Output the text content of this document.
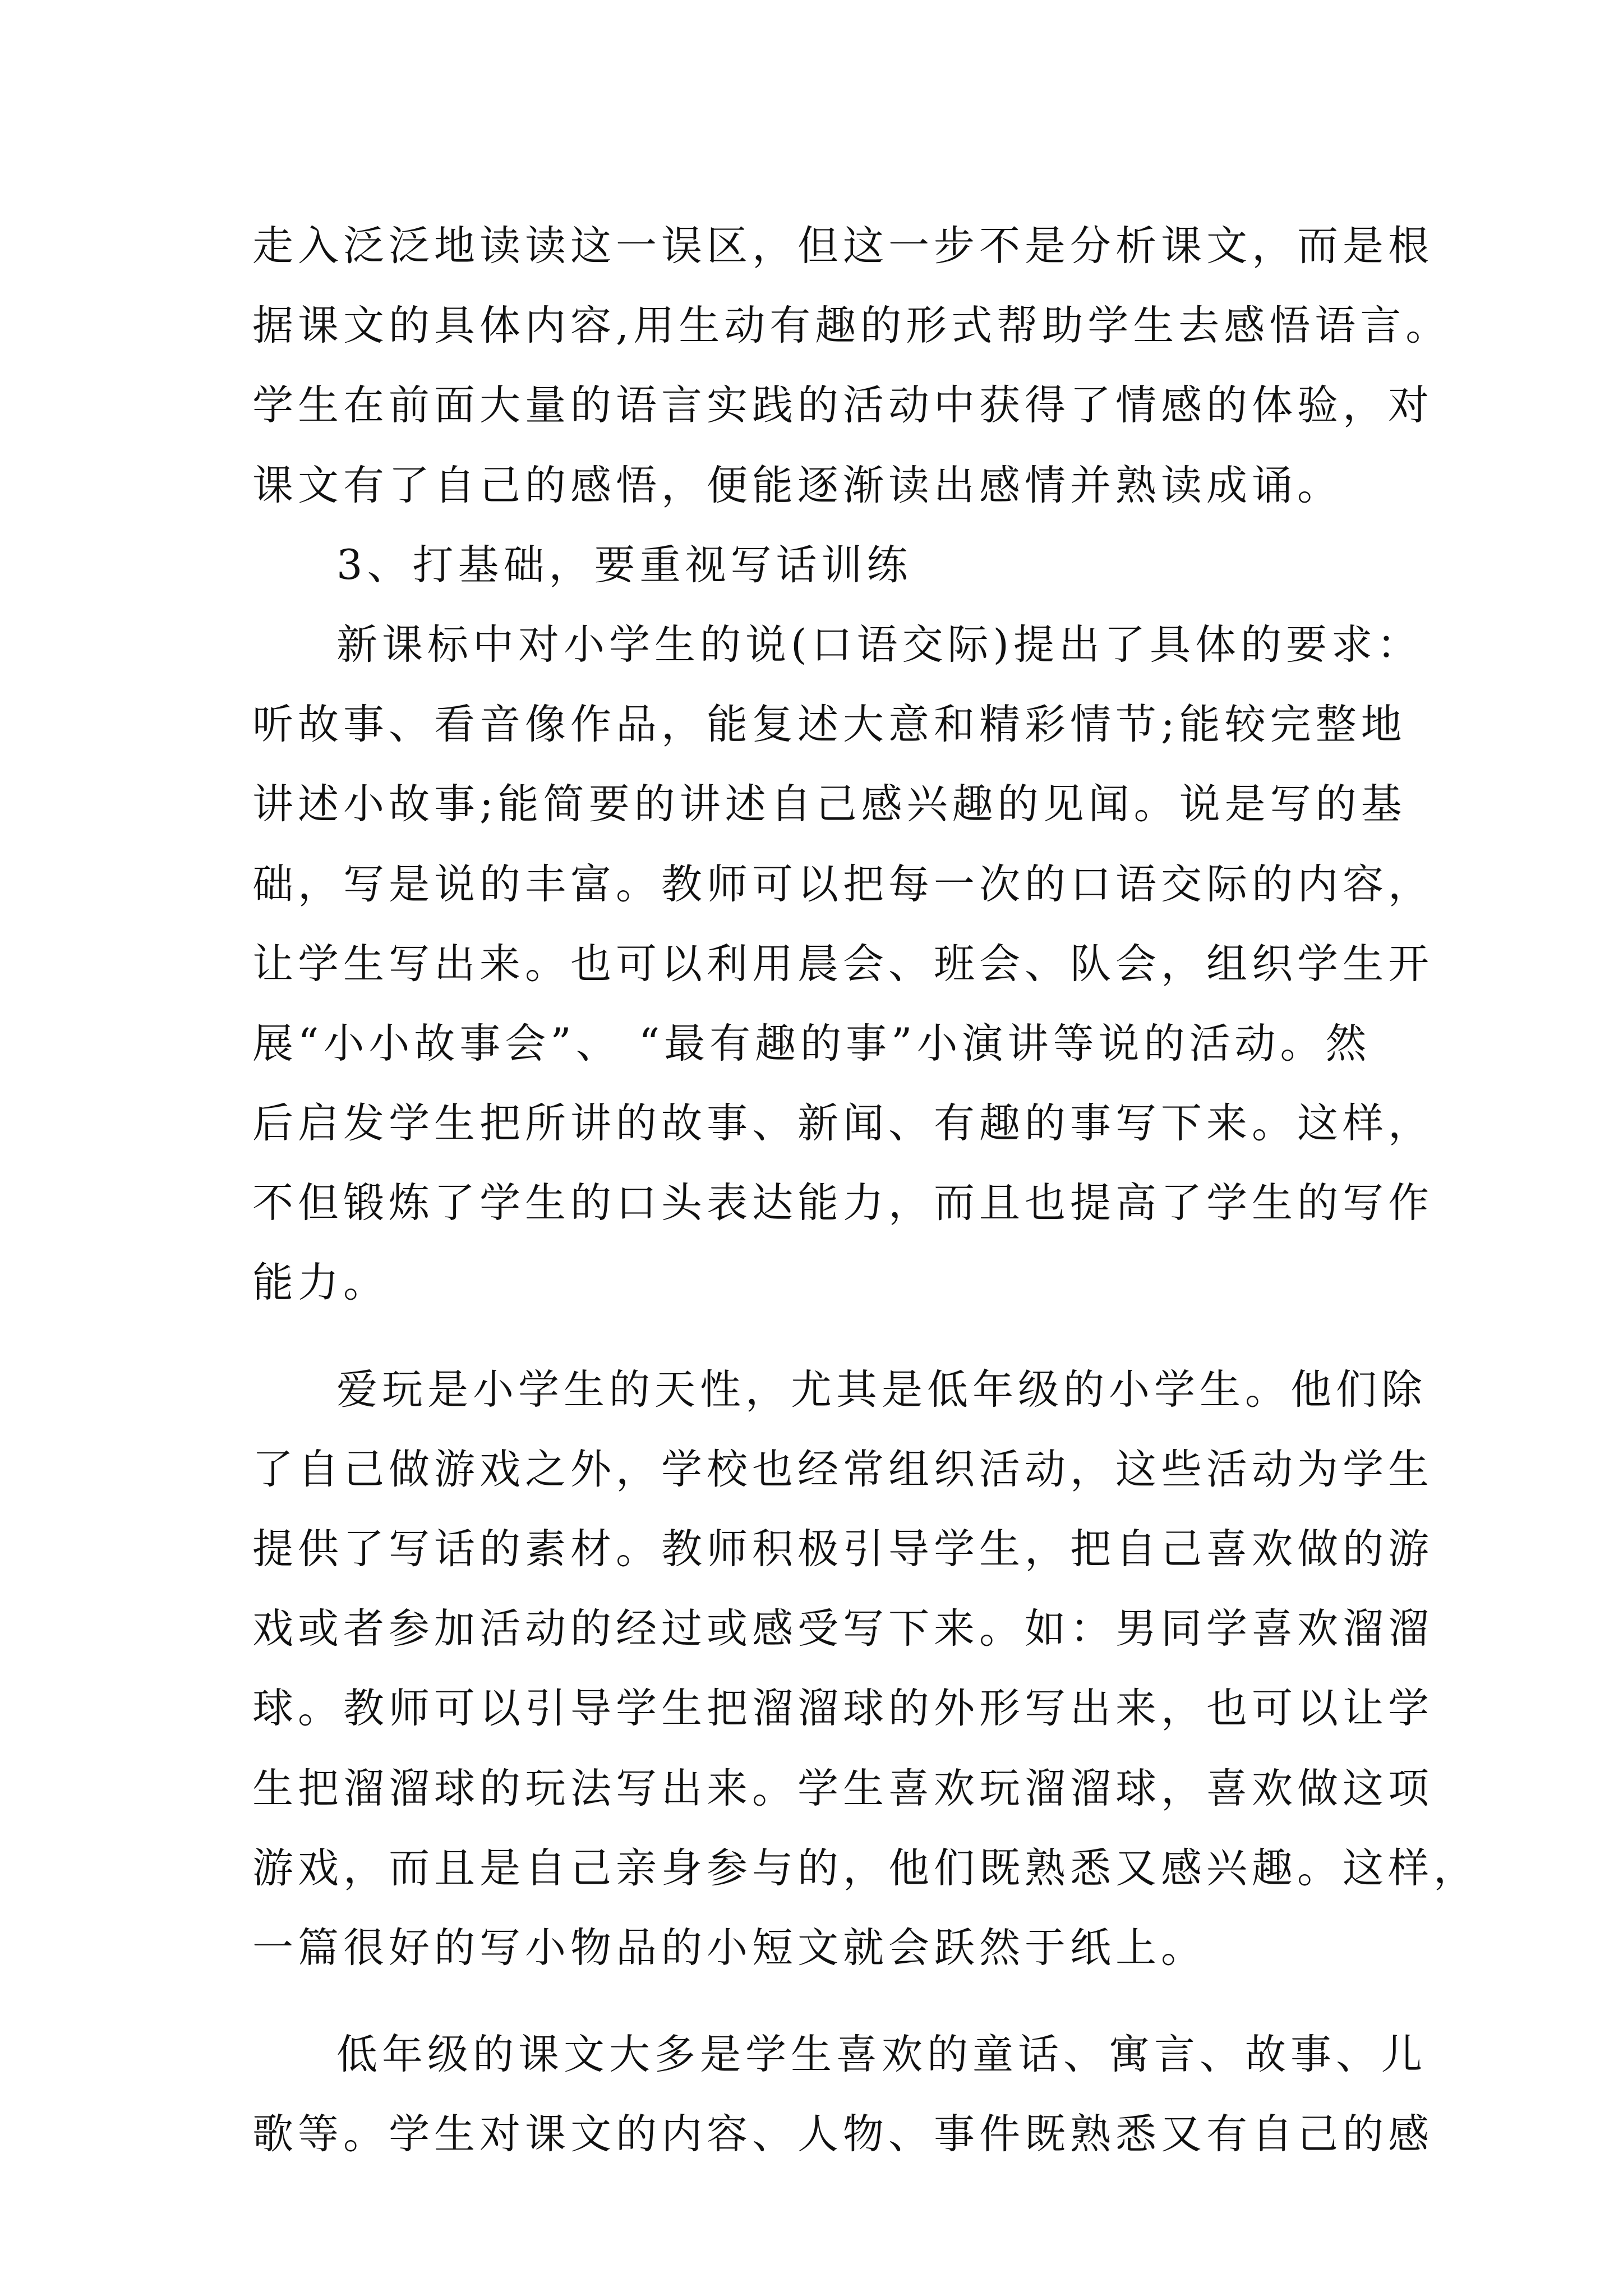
走入泛泛地读读这一误区，但这一步不是分析课文，而是根
据课文的具体内容,用生动有趣的形式帮助学生去感悟语言。
学生在前面大量的语言实践的活动中获得了情感的体验，对
课文有了自己的感悟，便能逐渐读出感情并熟读成诵。
3、打基础，要重视写话训练
新课标中对小学生的说(口语交际)提出了具体的要求：
听故事、看音像作品，能复述大意和精彩情节;能较完整地
讲述小故事;能简要的讲述自己感兴趣的见闻。说是写的基
础，写是说的丰富。教师可以把每一次的口语交际的内容，
让学生写出来。也可以利用晨会、班会、队会，组织学生开
展“小小故事会”、 “最有趣的事”小演讲等说的活动。然
后启发学生把所讲的故事、新闻、有趣的事写下来。这样，
不但锻炼了学生的口头表达能力，而且也提高了学生的写作
能力。
爱玩是小学生的天性，尤其是低年级的小学生。他们除
了自己做游戏之外，学校也经常组织活动，这些活动为学生
提供了写话的素材。教师积极引导学生，把自己喜欢做的游
戏或者参加活动的经过或感受写下来。如：男同学喜欢溜溜
球。教师可以引导学生把溜溜球的外形写出来，也可以让学
生把溜溜球的玩法写出来。学生喜欢玩溜溜球，喜欢做这项
游戏，而且是自己亲身参与的，他们既熟悉又感兴趣。这样，
一篇很好的写小物品的小短文就会跃然于纸上。
低年级的课文大多是学生喜欢的童话、寓言、故事、儿
歌等。学生对课文的内容、人物、事件既熟悉又有自己的感
